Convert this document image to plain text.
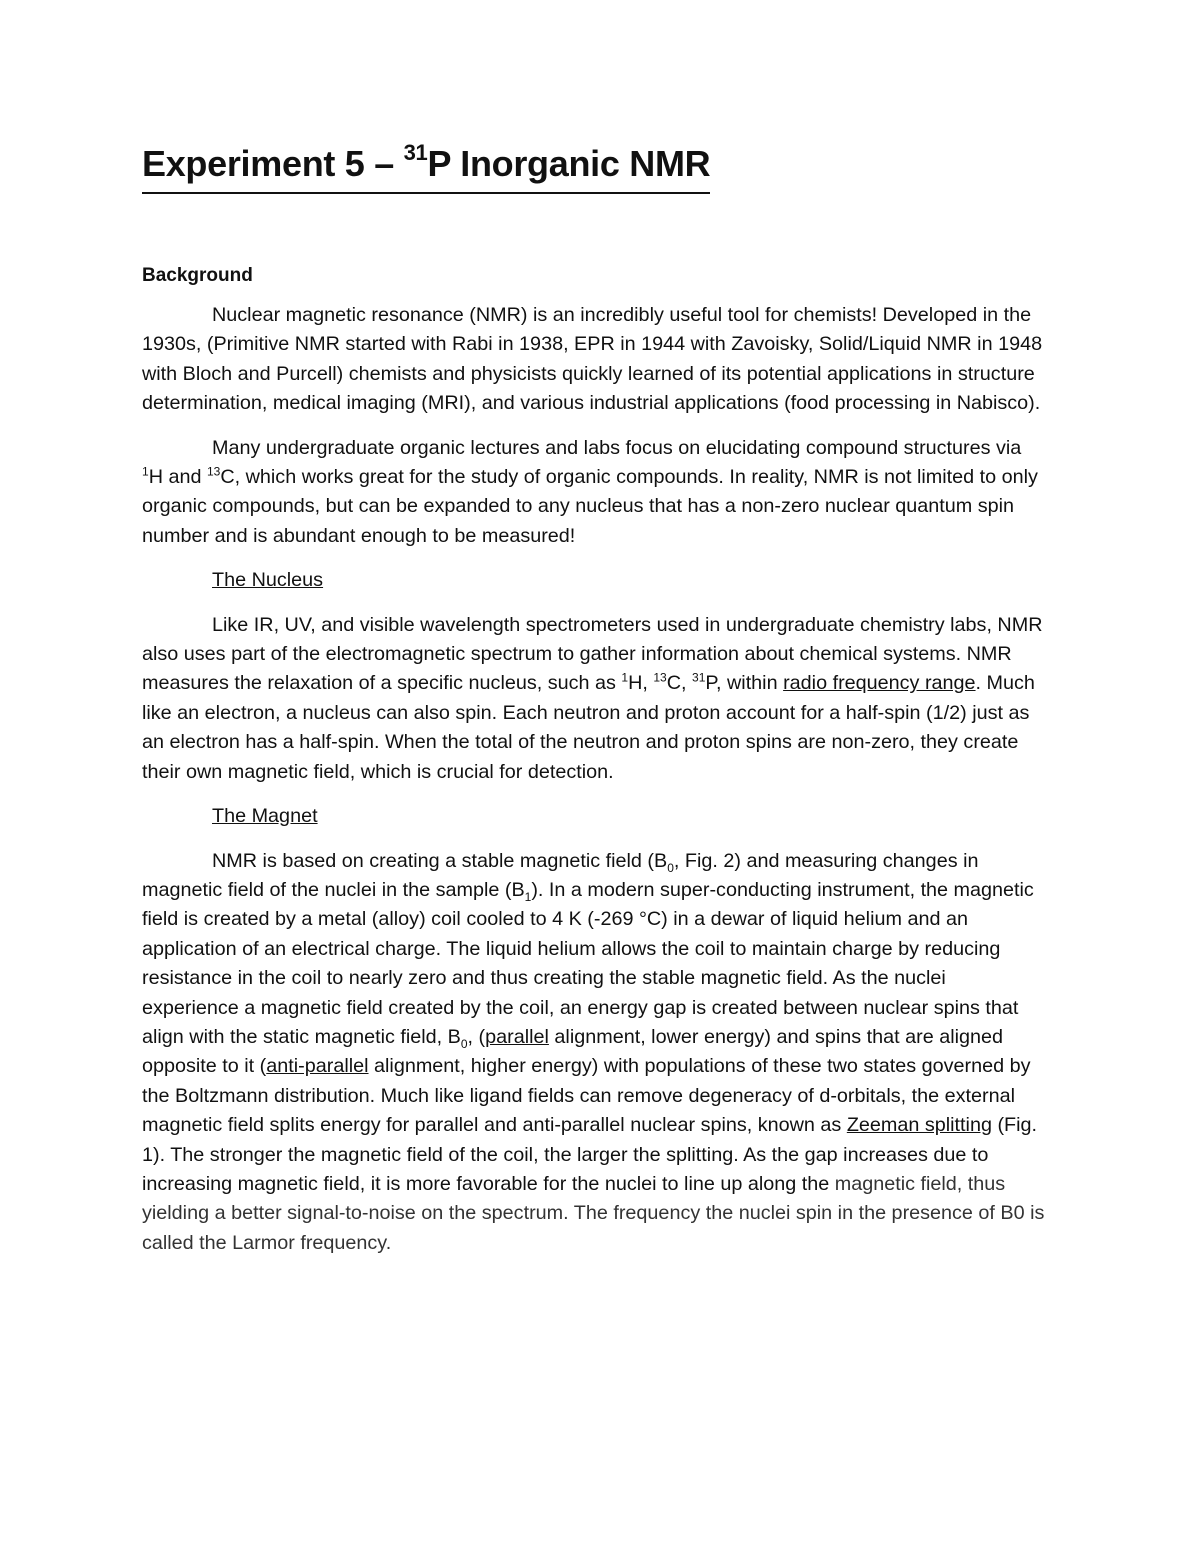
Experiment 5 – $^{31}$P Inorganic NMR
Background

Nuclear magnetic resonance (NMR) is an incredibly useful tool for chemists! Developed in the 1930s, (Primitive NMR started with Rabi in 1938, EPR in 1944 with Zavoisky, Solid/Liquid NMR in 1948 with Bloch and Purcell) chemists and physicists quickly learned of its potential applications in structure determination, medical imaging (MRI), and various industrial applications (food processing in Nabisco).

Many undergraduate organic lectures and labs focus on elucidating compound structures via $^1$H and $^{13}$C, which works great for the study of organic compounds. In reality, NMR is not limited to only organic compounds, but can be expanded to any nucleus that has a non-zero nuclear quantum spin number and is abundant enough to be measured!

The Nucleus

Like IR, UV, and visible wavelength spectrometers used in undergraduate chemistry labs, NMR also uses part of the electromagnetic spectrum to gather information about chemical systems. NMR measures the relaxation of a specific nucleus, such as $^1$H, $^{13}$C, $^{31}$P, within radio frequency range. Much like an electron, a nucleus can also spin. Each neutron and proton account for a half-spin (1/2) just as an electron has a half-spin. When the total of the neutron and proton spins are non-zero, they create their own magnetic field, which is crucial for detection.

The Magnet

NMR is based on creating a stable magnetic field ($B_0$, Fig. 2) and measuring changes in magnetic field of the nuclei in the sample $(B_1)$. In a modern super-conducting instrument, the magnetic field is created by a metal (alloy) coil cooled to 4 K (-269 °C) in a dewar of liquid helium and an application of an electrical charge. The liquid helium allows the coil to maintain charge by reducing resistance in the coil to nearly zero and thus creating the stable magnetic field. As the nuclei experience a magnetic field created by the coil, an energy gap is created between nuclear spins that align with the static magnetic field, $B_0$, (parallel alignment, lower energy) and spins that are aligned opposite to it (anti-parallel alignment, higher energy) with populations of these two states governed by the Boltzmann distribution. Much like ligand fields can remove degeneracy of d-orbitals, the external magnetic field splits energy for parallel and anti-parallel nuclear spins, known as Zeeman splitting (Fig. 1). The stronger the magnetic field of the coil, the larger the splitting. As the gap increases due to increasing magnetic field, it is more favorable for the nuclei to line up along the magnetic field, thus yielding a better signal-to-noise on the spectrum. The frequency the nuclei spin in the presence of B0 is called the Larmor frequency.
